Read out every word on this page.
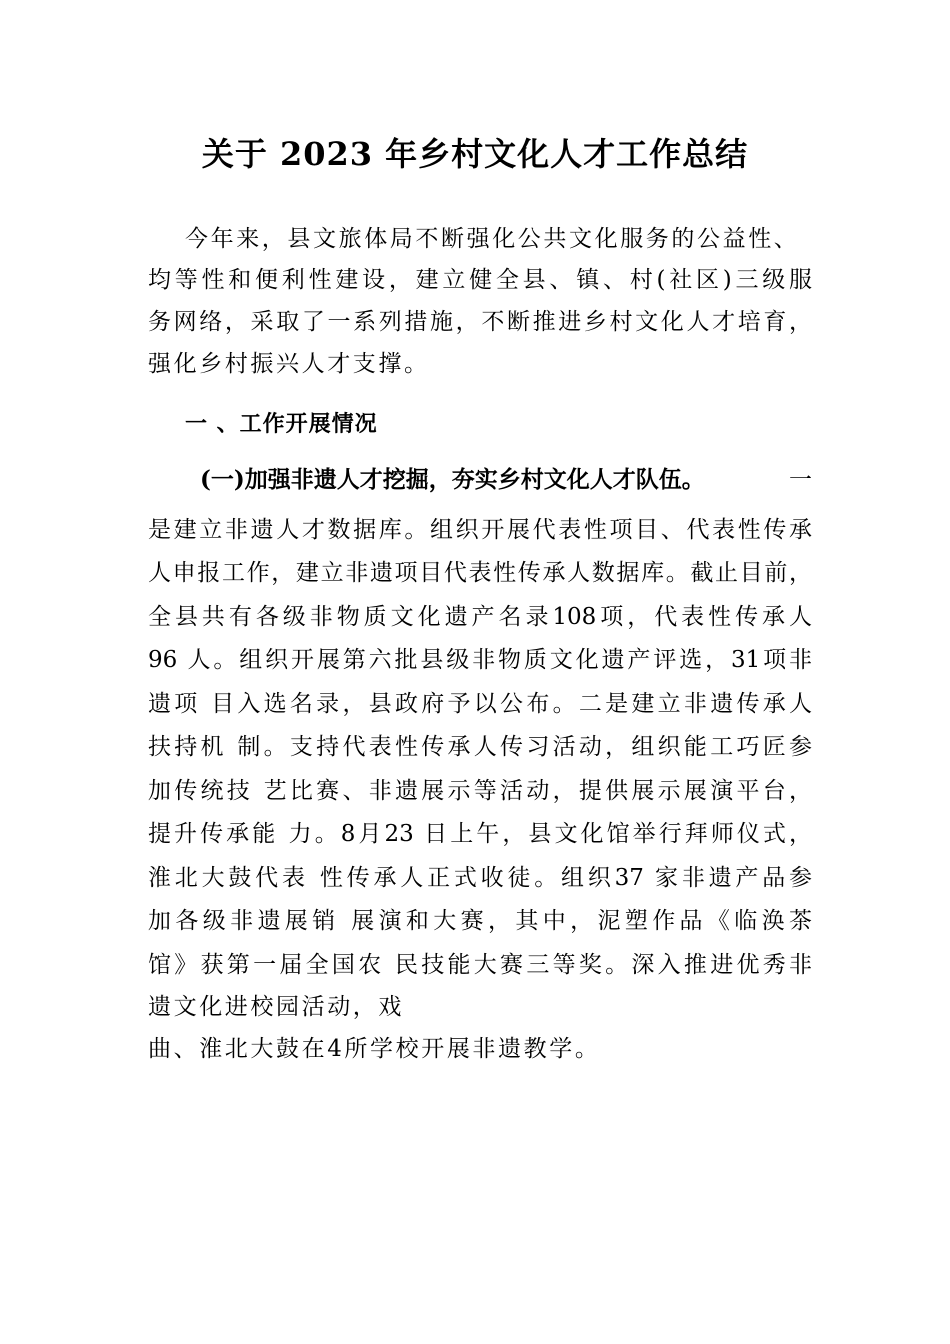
关于 2023 年乡村文化人才工作总结
今年来，县文旅体局不断强化公共文化服务的公益性、
均等性和便利性建设，建立健全县、镇、村(社区)三级服
务网络，采取了一系列措施，不断推进乡村文化人才培育，
强化乡村振兴人才支撑。
一 、工作开展情况
(一)加强非遗人才挖掘，夯实乡村文化人才队伍。	一
是建立非遗人才数据库。组织开展代表性项目、代表性传承
人申报工作，建立非遗项目代表性传承人数据库。截止目前，
全县共有各级非物质文化遗产名录108项，代表性传承人
96 人。组织开展第六批县级非物质文化遗产评选，31项非
遗项 目入选名录，县政府予以公布。二是建立非遗传承人
扶持机 制。支持代表性传承人传习活动，组织能工巧匠参
加传统技 艺比赛、非遗展示等活动，提供展示展演平台，
提升传承能 力。8月23 日上午，县文化馆举行拜师仪式，
淮北大鼓代表 性传承人正式收徒。组织37 家非遗产品参
加各级非遗展销 展演和大赛，其中，泥塑作品《临涣茶
馆》获第一届全国农 民技能大赛三等奖。深入推进优秀非
遗文化进校园活动，戏
曲、淮北大鼓在4所学校开展非遗教学。
